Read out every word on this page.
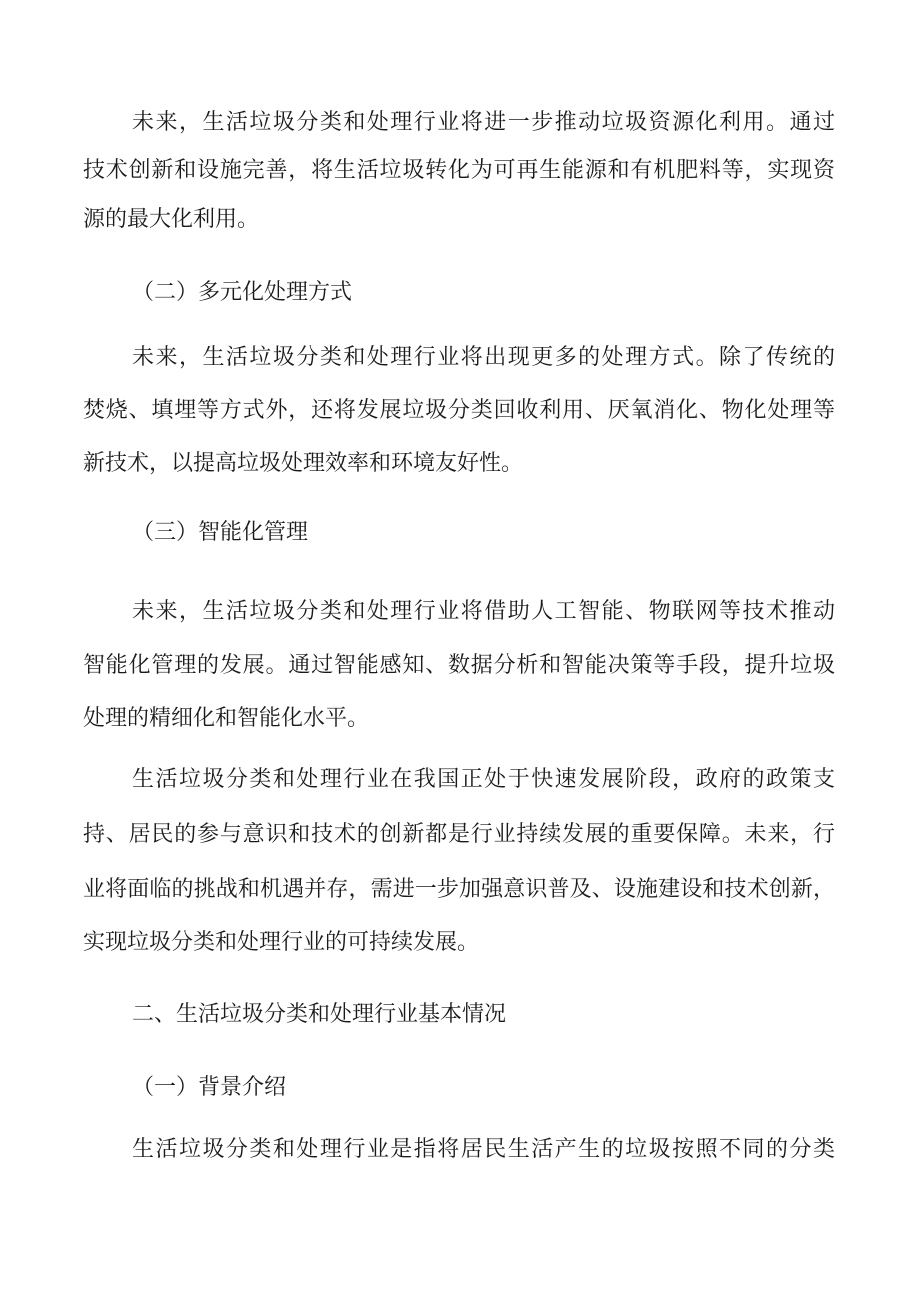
未来，生活垃圾分类和处理行业将进一步推动垃圾资源化利用。通过

技术创新和设施完善，将生活垃圾转化为可再生能源和有机肥料等，实现资

源的最大化利用。

（二）多元化处理方式

未来，生活垃圾分类和处理行业将出现更多的处理方式。除了传统的

焚烧、填埋等方式外，还将发展垃圾分类回收利用、厌氧消化、物化处理等

新技术，以提高垃圾处理效率和环境友好性。

（三）智能化管理

未来，生活垃圾分类和处理行业将借助人工智能、物联网等技术推动

智能化管理的发展。通过智能感知、数据分析和智能决策等手段，提升垃圾

处理的精细化和智能化水平。

生活垃圾分类和处理行业在我国正处于快速发展阶段，政府的政策支

持、居民的参与意识和技术的创新都是行业持续发展的重要保障。未来，行

业将面临的挑战和机遇并存，需进一步加强意识普及、设施建设和技术创新，

实现垃圾分类和处理行业的可持续发展。

二、生活垃圾分类和处理行业基本情况
（一）背景介绍

生活垃圾分类和处理行业是指将居民生活产生的垃圾按照不同的分类
